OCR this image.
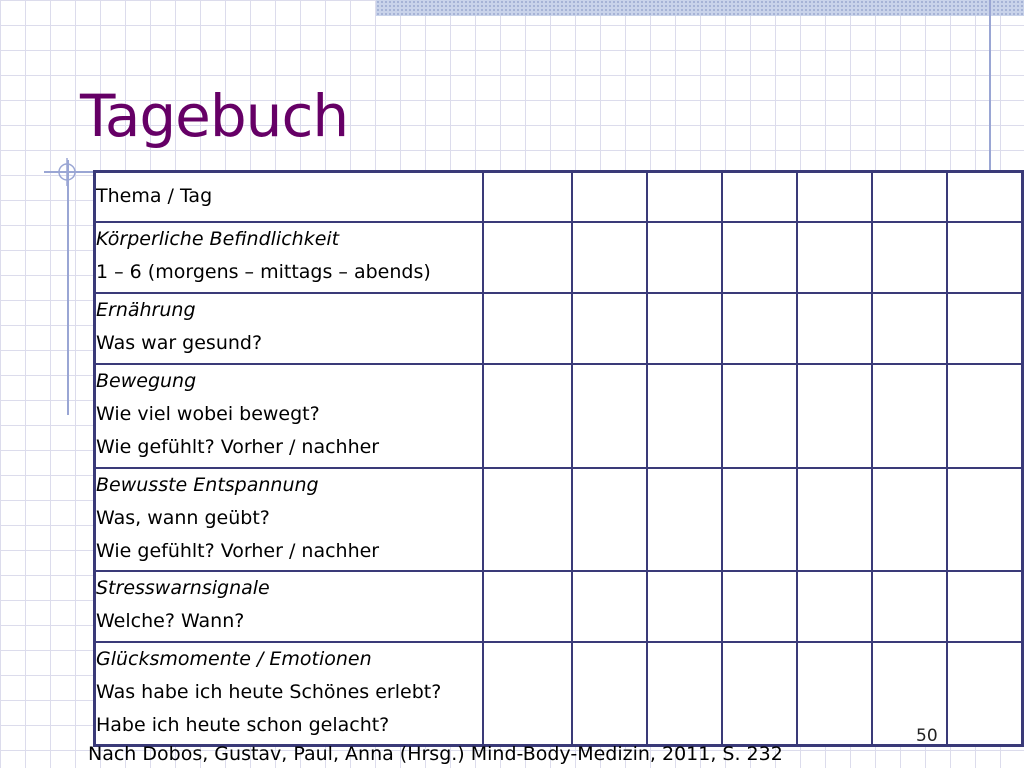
Tagebuch
Thema / Tag							

Körperliche Befindlichkeit
1 – 6 (morgens – mittags – abends)							

Ernährung
Was war gesund?							

Bewegung
Wie viel wobei bewegt?
Wie gefühlt? Vorher / nachher							

Bewusste Entspannung
Was, wann geübt?
Wie gefühlt? Vorher / nachher							

Stresswarnsignale
Welche? Wann?							

Glücksmomente / Emotionen
Was habe ich heute Schönes erlebt?
Habe ich heute schon gelacht?							

50
Nach Dobos, Gustav, Paul, Anna (Hrsg.) Mind-Body-Medizin, 2011, S. 232
